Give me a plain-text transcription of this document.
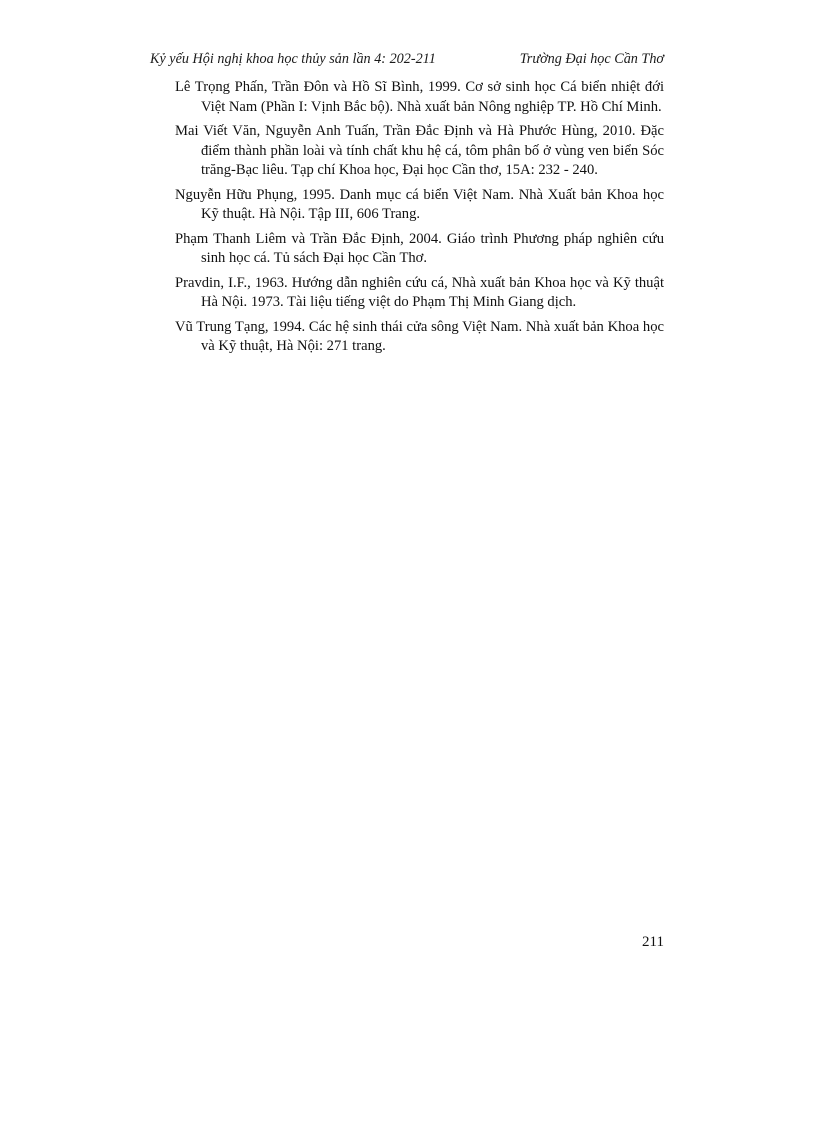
Kỷ yếu Hội nghị khoa học thủy sản lần 4: 202-211	Trường Đại học Cần Thơ
Lê Trọng Phấn, Trần Đôn và Hồ Sĩ Bình, 1999. Cơ sở sinh học Cá biển nhiệt đới Việt Nam (Phần I: Vịnh Bắc bộ). Nhà xuất bản Nông nghiệp TP. Hồ Chí Minh.
Mai Viết Văn, Nguyễn Anh Tuấn, Trần Đắc Định và Hà Phước Hùng, 2010. Đặc điểm thành phần loài và tính chất khu hệ cá, tôm phân bố ở vùng ven biển Sóc trăng-Bạc liêu. Tạp chí Khoa học, Đại học Cần thơ, 15A: 232 - 240.
Nguyễn Hữu Phụng, 1995. Danh mục cá biển Việt Nam. Nhà Xuất bản Khoa học Kỹ thuật. Hà Nội. Tập III, 606 Trang.
Phạm Thanh Liêm và Trần Đắc Định, 2004. Giáo trình Phương pháp nghiên cứu sinh học cá. Tủ sách Đại học Cần Thơ.
Pravdin, I.F., 1963. Hướng dẫn nghiên cứu cá, Nhà xuất bản Khoa học và Kỹ thuật Hà Nội. 1973. Tài liệu tiếng việt do Phạm Thị Minh Giang dịch.
Vũ Trung Tạng, 1994. Các hệ sinh thái cửa sông Việt Nam. Nhà xuất bản Khoa học và Kỹ thuật, Hà Nội: 271 trang.
211
